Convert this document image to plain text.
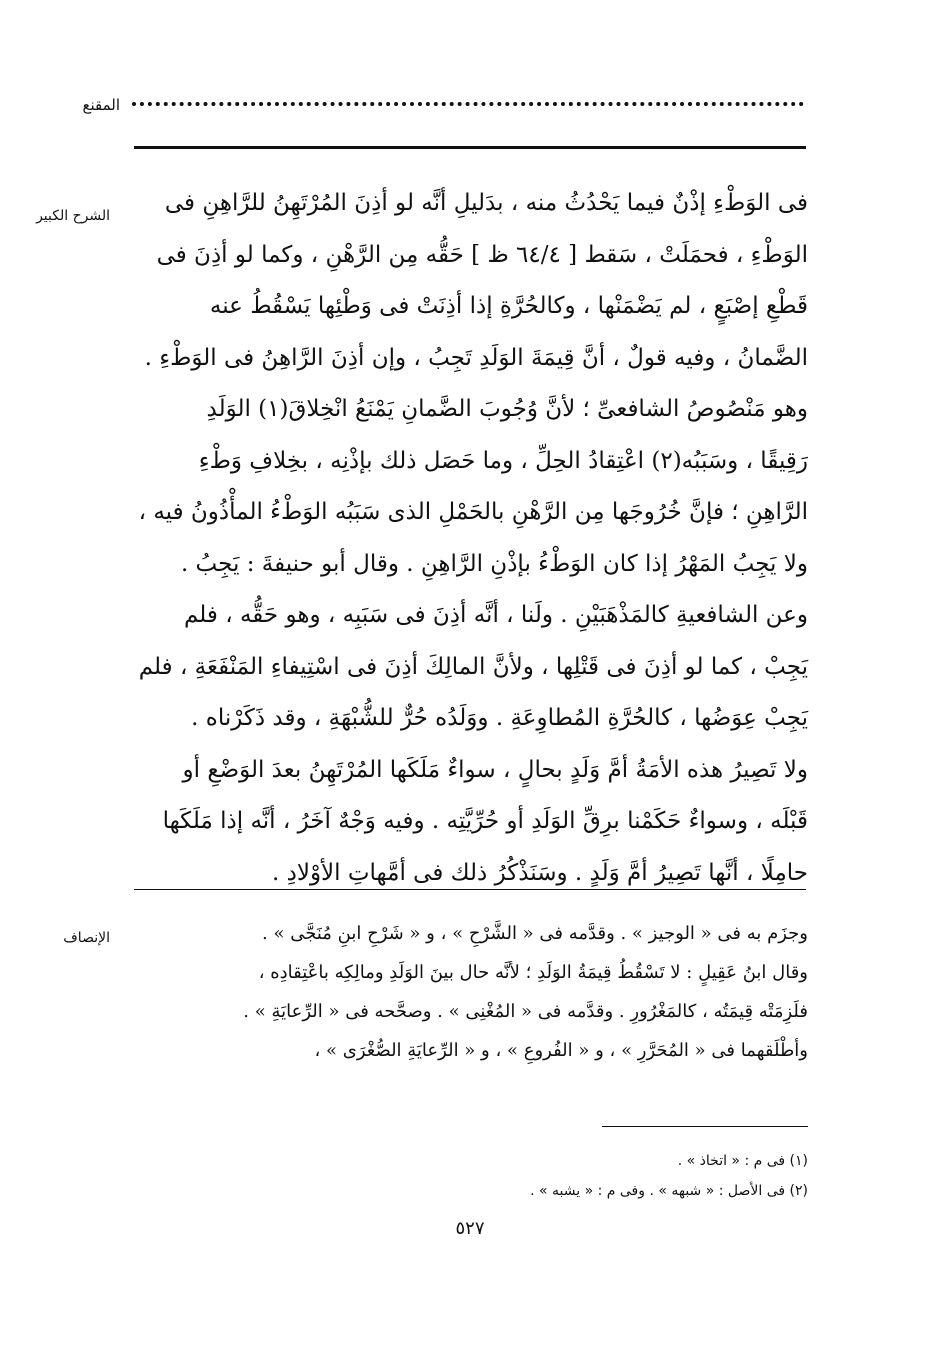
المقنع
الشرح الكبير	فى الوَطْءِ إذْنٌ فيما يَحْدُثُ منه ، بدَليلِ أنَّه لو أذِنَ المُرْتَهِنُ للرَّاهِنِ فى

الوَطْءِ ، فحمَلَتْ ، سَقط [ ٦٤/٤ ظ ] حَقُّه مِن الرَّهْنِ ، وكما لو أذِنَ فى

قَطْعِ إصْبَعٍ ، لم يَضْمَنْها ، وكالحُرَّةِ إذا أذِنَتْ فى وَطْئِها يَسْقُطُ عنه

الضَّمانُ ، وفيه قولٌ ، أنَّ قِيمَةَ الوَلَدِ تَجِبُ ، وإن أذِنَ الرَّاهِنُ فى الوَطْءِ .

وهو مَنْصُوصُ الشافعىِّ ؛ لأنَّ وُجُوبَ الضَّمانِ يَمْنَعُ انْخِلاقَ(١) الوَلَدِ

رَقِيقًا ، وسَبَبُه(٢) اعْتِقادُ الحِلِّ ، وما حَصَل ذلك بإذْنِه ، بخِلافِ وَطْءِ

الرَّاهِنِ ؛ فإنَّ خُرُوجَها مِن الرَّهْنِ بالحَمْلِ الذى سَبَبُه الوَطْءُ المأْذُونُ فيه ،

ولا يَجِبُ المَهْرُ إذا كان الوَطْءُ بإذْنِ الرَّاهِنِ . وقال أبو حنيفةَ : يَجِبُ .

وعن الشافعيةِ كالمَذْهَبَيْنِ . ولَنا ، أنَّه أذِنَ فى سَبَبِه ، وهو حَقُّه ، فلم

يَجِبْ ، كما لو أذِنَ فى قَتْلِها ، ولأنَّ المالِكَ أذِنَ فى اسْتِيفاءِ المَنْفَعَةِ ، فلم

يَجِبْ عِوَضُها ، كالحُرَّةِ المُطاوِعَةِ . ووَلَدُه حُرٌّ للشُّبْهَةِ ، وقد ذَكَرْناه .

ولا تَصِيرُ هذه الأمَةُ أمَّ وَلَدٍ بحالٍ ، سواءٌ مَلَكَها المُرْتَهِنُ بعدَ الوَضْعِ أو

قَبْلَه ، وسواءٌ حَكَمْنا برِقِّ الوَلَدِ أو حُرِّيَّتِه . وفيه وَجْهٌ آخَرُ ، أنَّه إذا مَلَكَها

حامِلًا ، أنَّها تَصِيرُ أمَّ وَلَدٍ . وسَنَذْكُرُ ذلك فى أمَّهاتِ الأوْلادِ .

الإنصاف	وجزَم به فى « الوجيز » . وقدَّمه فى « الشَّرْحِ » ، و « شَرْحِ ابنِ مُنَجَّى » .

وقال ابنُ عَقِيلٍ : لا تَسْقُطُ قِيمَةُ الوَلَدِ ؛ لأنَّه حال بينَ الوَلَدِ ومالِكِه باعْتِقادِه ،

فلَزِمَتْه قِيمَتُه ، كالمَغْرُورِ . وقدَّمه فى « المُغْنِى » . وصحَّحه فى « الرِّعايَةِ » .

وأطْلَقهما فى « المُحَرَّرِ » ، و « الفُروعِ » ، و « الرِّعايَةِ الصُّغْرَى » ،

(١) فى م : « اتخاذ » .

(٢) فى الأصل : « شبهه » . وفى م : « يشبه » .

٥٢٧
